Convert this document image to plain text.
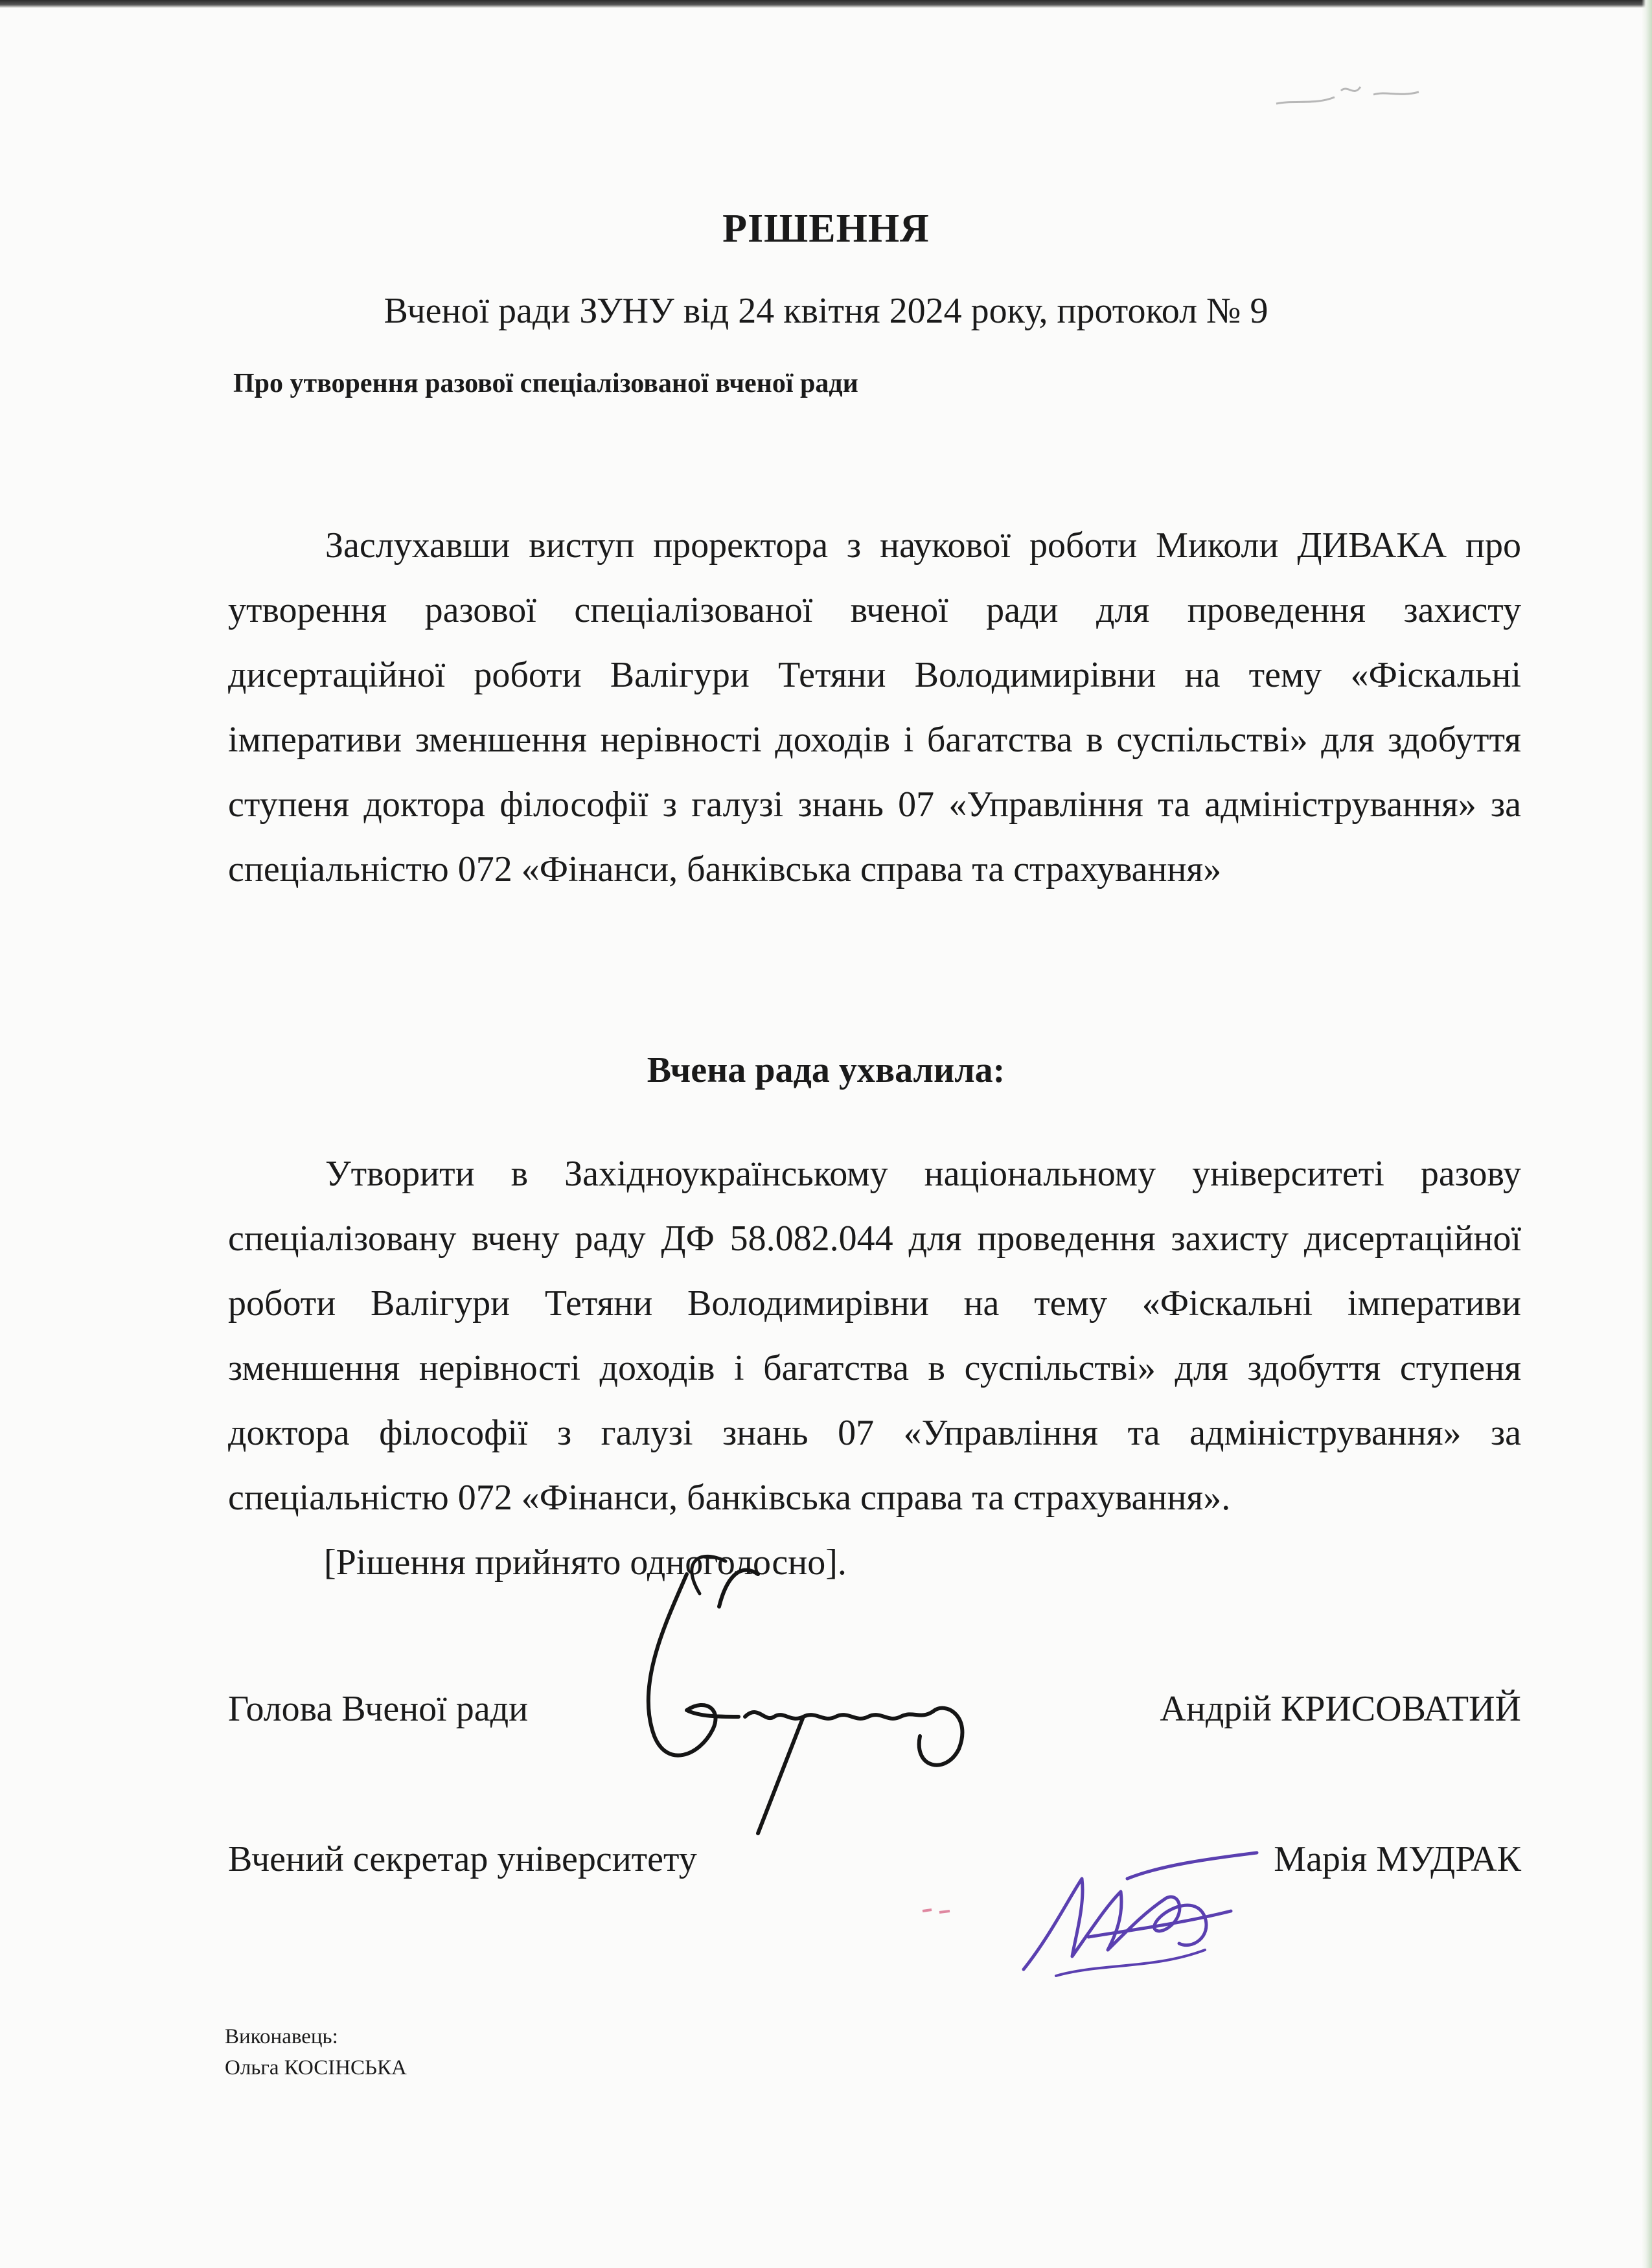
РІШЕННЯ

Вченої ради ЗУНУ від 24 квітня 2024 року, протокол № 9

Про утворення разової спеціалізованої вченої ради

Заслухавши виступ проректора з наукової роботи Миколи ДИВАКА про утворення разової спеціалізованої вченої ради для проведення захисту дисертаційної роботи Валігури Тетяни Володимирівни на тему «Фіскальні імперативи зменшення нерівності доходів і багатства в суспільстві» для здобуття ступеня доктора філософії з галузі знань 07 «Управління та адміністрування» за спеціальністю 072 «Фінанси, банківська справа та страхування»

Вчена рада ухвалила:

Утворити в Західноукраїнському національному університеті разову спеціалізовану вчену раду ДФ 58.082.044 для проведення захисту дисертаційної роботи Валігури Тетяни Володимирівни на тему «Фіскальні імперативи зменшення нерівності доходів і багатства в суспільстві» для здобуття ступеня доктора філософії з галузі знань 07 «Управління та адміністрування» за спеціальністю 072 «Фінанси, банківська справа та страхування».

[Рішення прийнято одноголосно].

Голова Вченої ради	Андрій КРИСОВАТИЙ

Вчений секретар університету	Марія МУДРАК

Виконавець:
Ольга КОСІНСЬКА
